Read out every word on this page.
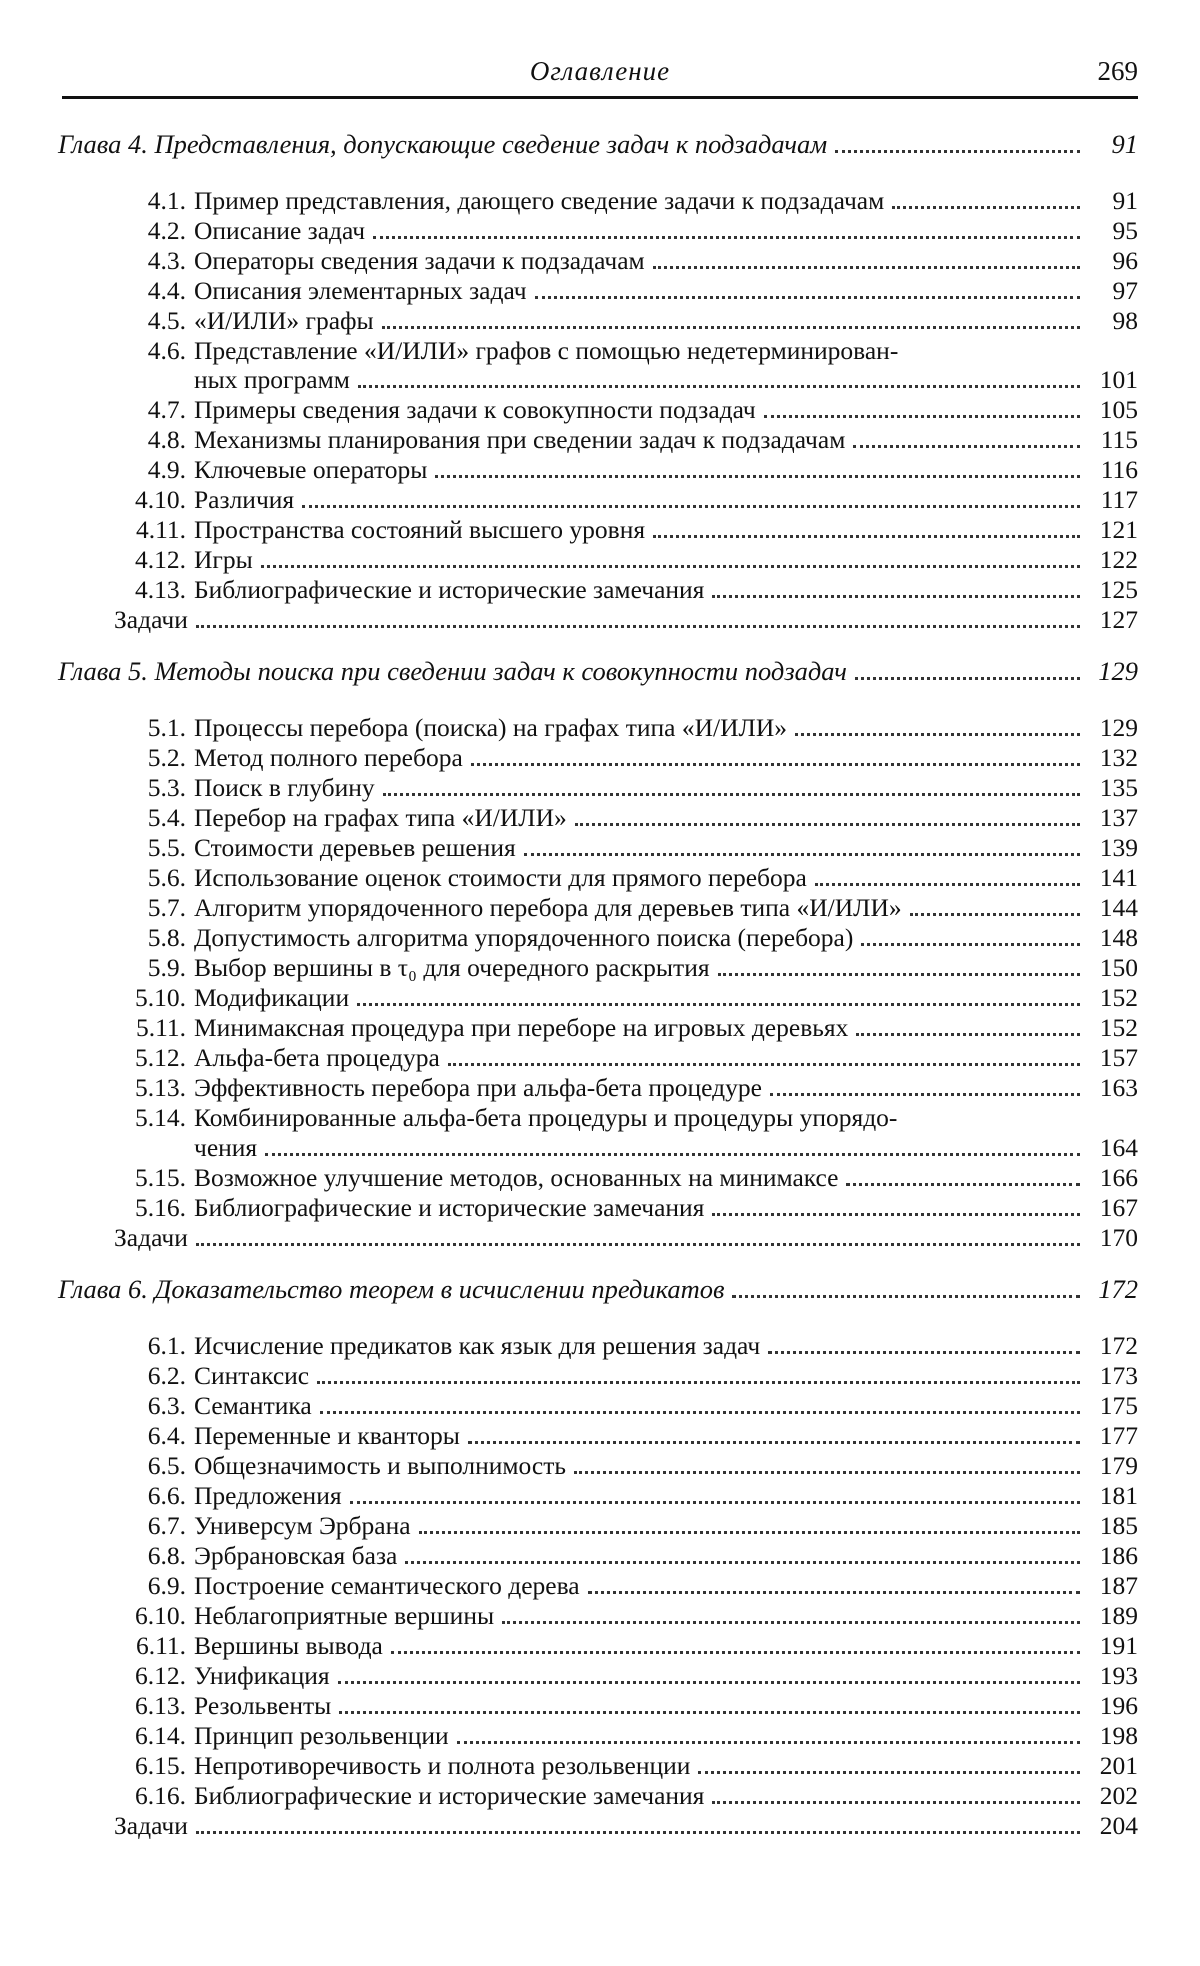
Оглавление	269
Глава 4. Представления, допускающие сведение задач к подзадачам	91
4.1. Пример представления, дающего сведение задачи к подзадачам	91
4.2. Описание задач	95
4.3. Операторы сведения задачи к подзадачам	96
4.4. Описания элементарных задач	97
4.5. «И/ИЛИ» графы	98
4.6. Представление «И/ИЛИ» графов с помощью недетерминирован-
ных программ	101
4.7. Примеры сведения задачи к совокупности подзадач	105
4.8. Механизмы планирования при сведении задач к подзадачам	115
4.9. Ключевые операторы	116
4.10. Различия	117
4.11. Пространства состояний высшего уровня	121
4.12. Игры	122
4.13. Библиографические и исторические замечания	125
Задачи	127
Глава 5. Методы поиска при сведении задач к совокупности подзадач	129
5.1. Процессы перебора (поиска) на графах типа «И/ИЛИ»	129
5.2. Метод полного перебора	132
5.3. Поиск в глубину	135
5.4. Перебор на графах типа «И/ИЛИ»	137
5.5. Стоимости деревьев решения	139
5.6. Использование оценок стоимости для прямого перебора	141
5.7. Алгоритм упорядоченного перебора для деревьев типа «И/ИЛИ»	144
5.8. Допустимость алгоритма упорядоченного поиска (перебора)	148
5.9. Выбор вершины в τ₀ для очередного раскрытия	150
5.10. Модификации	152
5.11. Минимаксная процедура при переборе на игровых деревьях	152
5.12. Альфа-бета процедура	157
5.13. Эффективность перебора при альфа-бета процедуре	163
5.14. Комбинированные альфа-бета процедуры и процедуры упорядо-
чения	164
5.15. Возможное улучшение методов, основанных на минимаксе	166
5.16. Библиографические и исторические замечания	167
Задачи	170
Глава 6. Доказательство теорем в исчислении предикатов	172
6.1. Исчисление предикатов как язык для решения задач	172
6.2. Синтаксис	173
6.3. Семантика	175
6.4. Переменные и кванторы	177
6.5. Общезначимость и выполнимость	179
6.6. Предложения	181
6.7. Универсум Эрбрана	185
6.8. Эрбрановская база	186
6.9. Построение семантического дерева	187
6.10. Неблагоприятные вершины	189
6.11. Вершины вывода	191
6.12. Унификация	193
6.13. Резольвенты	196
6.14. Принцип резольвенции	198
6.15. Непротиворечивость и полнота резольвенции	201
6.16. Библиографические и исторические замечания	202
Задачи	204
